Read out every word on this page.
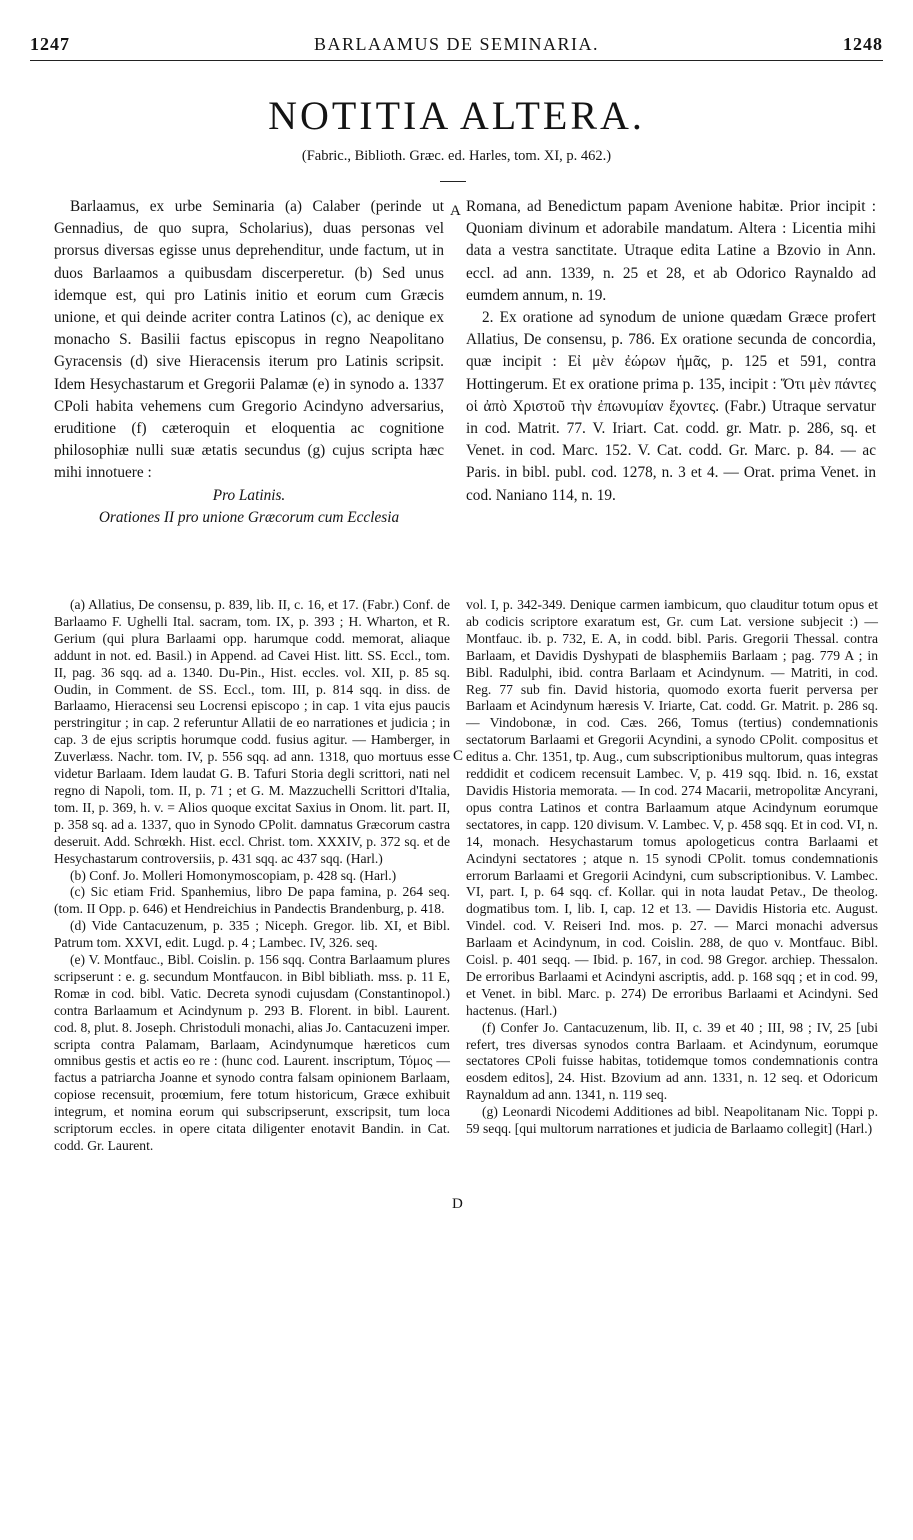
1247	BARLAAMUS DE SEMINARIA.	1248
NOTITIA ALTERA.
(Fabric., Biblioth. Græc. ed. Harles, tom. XI, p. 462.)
A
C
D

Barlaamus, ex urbe Seminaria (a) Calaber (perinde ut Gennadius, de quo supra, Scholarius), duas personas vel prorsus diversas egisse unus deprehenditur, unde factum, ut in duos Barlaamos a quibusdam discerperetur. (b) Sed unus idemque est, qui pro Latinis initio et eorum cum Græcis unione, et qui deinde acriter contra Latinos (c), ac denique ex monacho S. Basilii factus episcopus in regno Neapolitano Gyracensis (d) sive Hieracensis iterum pro Latinis scripsit. Idem Hesychastarum et Gregorii Palamæ (e) in synodo a. 1337 CPoli habita vehemens cum Gregorio Acindyno adversarius, eruditione (f) cæteroquin et eloquentia ac cognitione philosophiæ nulli suæ ætatis secundus (g) cujus scripta hæc mihi innotuere :

Pro Latinis.

Orationes II pro unione Græcorum cum Ecclesia

Romana, ad Benedictum papam Avenione habitæ. Prior incipit : Quoniam divinum et adorabile mandatum. Altera : Licentia mihi data a vestra sanctitate. Utraque edita Latine a Bzovio in Ann. eccl. ad ann. 1339, n. 25 et 28, et ab Odorico Raynaldo ad eumdem annum, n. 19.

2. Ex oratione ad synodum de unione quædam Græce profert Allatius, De consensu, p. 786. Ex oratione secunda de concordia, quæ incipit : Εἰ μὲν ἐώρων ἡμᾶς, p. 125 et 591, contra Hottingerum. Et ex oratione prima p. 135, incipit : Ὅτι μὲν πάντες οἱ ἀπὸ Χριστοῦ τὴν ἐπωνυμίαν ἔχοντες. (Fabr.) Utraque servatur in cod. Matrit. 77. V. Iriart. Cat. codd. gr. Matr. p. 286, sq. et Venet. in cod. Marc. 152. V. Cat. codd. Gr. Marc. p. 84. — ac Paris. in bibl. publ. cod. 1278, n. 3 et 4. — Orat. prima Venet. in cod. Naniano 114, n. 19.

(a) Allatius, De consensu, p. 839, lib. II, c. 16, et 17. (Fabr.) Conf. de Barlaamo F. Ughelli Ital. sacram, tom. IX, p. 393 ; H. Wharton, et R. Gerium (qui plura Barlaami opp. harumque codd. memorat, aliaque addunt in not. ed. Basil.) in Append. ad Cavei Hist. litt. SS. Eccl., tom. II, pag. 36 sqq. ad a. 1340. Du-Pin., Hist. eccles. vol. XII, p. 85 sq. Oudin, in Comment. de SS. Eccl., tom. III, p. 814 sqq. in diss. de Barlaamo, Hieracensi seu Locrensi episcopo ; in cap. 1 vita ejus paucis perstringitur ; in cap. 2 referuntur Allatii de eo narrationes et judicia ; in cap. 3 de ejus scriptis horumque codd. fusius agitur. — Hamberger, in Zuverlæss. Nachr. tom. IV, p. 556 sqq. ad ann. 1318, quo mortuus esse videtur Barlaam. Idem laudat G. B. Tafuri Storia degli scrittori, nati nel regno di Napoli, tom. II, p. 71 ; et G. M. Mazzuchelli Scrittori d'Italia, tom. II, p. 369, h. v. = Alios quoque excitat Saxius in Onom. lit. part. II, p. 358 sq. ad a. 1337, quo in Synodo CPolit. damnatus Græcorum castra deseruit. Add. Schrœkh. Hist. eccl. Christ. tom. XXXIV, p. 372 sq. et de Hesychastarum controversiis, p. 431 sqq. ac 437 sqq. (Harl.)

(b) Conf. Jo. Molleri Homonymoscopiam, p. 428 sq. (Harl.)

(c) Sic etiam Frid. Spanhemius, libro De papa famina, p. 264 seq. (tom. II Opp. p. 646) et Hendreichius in Pandectis Brandenburg, p. 418.

(d) Vide Cantacuzenum, p. 335 ; Niceph. Gregor. lib. XI, et Bibl. Patrum tom. XXVI, edit. Lugd. p. 4 ; Lambec. IV, 326. seq.

(e) V. Montfauc., Bibl. Coislin. p. 156 sqq. Contra Barlaamum plures scripserunt : e. g. secundum Montfaucon. in Bibl bibliath. mss. p. 11 E, Romæ in cod. bibl. Vatic. Decreta synodi cujusdam (Constantinopol.) contra Barlaamum et Acindynum p. 293 B. Florent. in bibl. Laurent. cod. 8, plut. 8. Joseph. Christoduli monachi, alias Jo. Cantacuzeni imper. scripta contra Palamam, Barlaam, Acindynumque hæreticos cum omnibus gestis et actis eo re : (hunc cod. Laurent. inscriptum, Τόμος — factus a patriarcha Joanne et synodo contra falsam opinionem Barlaam, copiose recensuit, proœmium, fere totum historicum, Græce exhibuit integrum, et nomina eorum qui subscripserunt, exscripsit, tum loca scriptorum eccles. in opere citata diligenter enotavit Bandin. in Cat. codd. Gr. Laurent.

vol. I, p. 342-349. Denique carmen iambicum, quo clauditur totum opus et ab codicis scriptore exaratum est, Gr. cum Lat. versione subjecit :) — Montfauc. ib. p. 732, E. A, in codd. bibl. Paris. Gregorii Thessal. contra Barlaam, et Davidis Dyshypati de blasphemiis Barlaam ; pag. 779 A ; in Bibl. Radulphi, ibid. contra Barlaam et Acindynum. — Matriti, in cod. Reg. 77 sub fin. David historia, quomodo exorta fuerit perversa per Barlaam et Acindynum hæresis V. Iriarte, Cat. codd. Gr. Matrit. p. 286 sq. — Vindobonæ, in cod. Cæs. 266, Tomus (tertius) condemnationis sectatorum Barlaami et Gregorii Acyndini, a synodo CPolit. compositus et editus a. Chr. 1351, tp. Aug., cum subscriptionibus multorum, quas integras reddidit et codicem recensuit Lambec. V, p. 419 sqq. Ibid. n. 16, exstat Davidis Historia memorata. — In cod. 274 Macarii, metropolitæ Ancyrani, opus contra Latinos et contra Barlaamum atque Acindynum eorumque sectatores, in capp. 120 divisum. V. Lambec. V, p. 458 sqq. Et in cod. VI, n. 14, monach. Hesychastarum tomus apologeticus contra Barlaami et Acindyni sectatores ; atque n. 15 synodi CPolit. tomus condemnationis errorum Barlaami et Gregorii Acindyni, cum subscriptionibus. V. Lambec. VI, part. I, p. 64 sqq. cf. Kollar. qui in nota laudat Petav., De theolog. dogmatibus tom. I, lib. I, cap. 12 et 13. — Davidis Historia etc. August. Vindel. cod. V. Reiseri Ind. mos. p. 27. — Marci monachi adversus Barlaam et Acindynum, in cod. Coislin. 288, de quo v. Montfauc. Bibl. Coisl. p. 401 seqq. — Ibid. p. 167, in cod. 98 Gregor. archiep. Thessalon. De erroribus Barlaami et Acindyni ascriptis, add. p. 168 sqq ; et in cod. 99, et Venet. in bibl. Marc. p. 274) De erroribus Barlaami et Acindyni. Sed hactenus. (Harl.)

(f) Confer Jo. Cantacuzenum, lib. II, c. 39 et 40 ; III, 98 ; IV, 25 [ubi refert, tres diversas synodos contra Barlaam. et Acindynum, eorumque sectatores CPoli fuisse habitas, totidemque tomos condemnationis contra eosdem editos], 24. Hist. Bzovium ad ann. 1331, n. 12 seq. et Odoricum Raynaldum ad ann. 1341, n. 119 seq.

(g) Leonardi Nicodemi Additiones ad bibl. Neapolitanam Nic. Toppi p. 59 seqq. [qui multorum narrationes et judicia de Barlaamo collegit] (Harl.)
